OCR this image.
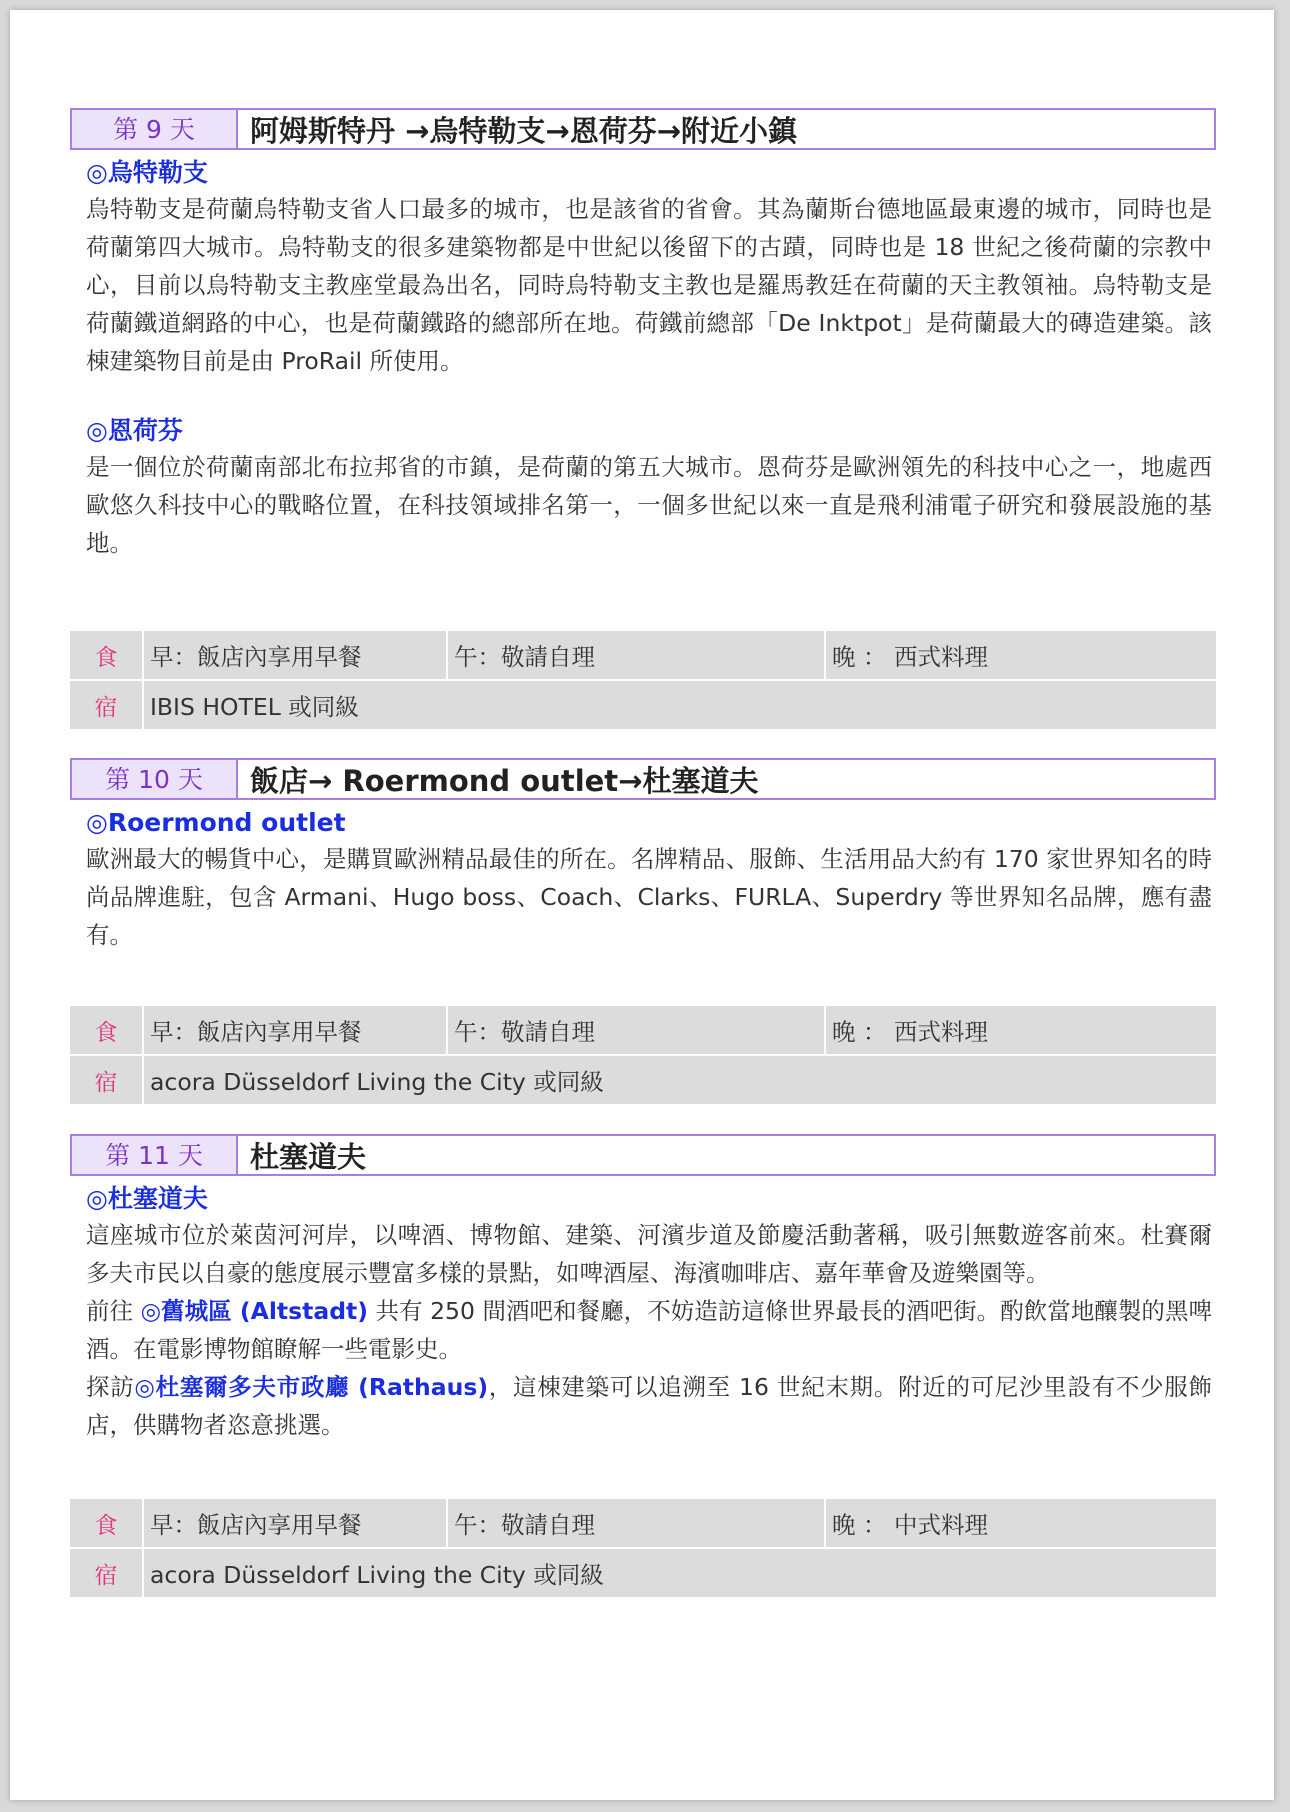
第 9 天	阿姆斯特丹 →烏特勒支→恩荷芬→附近小鎮
◎烏特勒支

烏特勒支是荷蘭烏特勒支省人口最多的城市，也是該省的省會。其為蘭斯台德地區最東邊的城市，同時也是荷蘭第四大城市。烏特勒支的很多建築物都是中世紀以後留下的古蹟，同時也是 18 世紀之後荷蘭的宗教中心，目前以烏特勒支主教座堂最為出名，同時烏特勒支主教也是羅馬教廷在荷蘭的天主教領袖。烏特勒支是荷蘭鐵道網路的中心，也是荷蘭鐵路的總部所在地。荷鐵前總部「De Inktpot」是荷蘭最大的磚造建築。該棟建築物目前是由 ProRail 所使用。

◎恩荷芬

是一個位於荷蘭南部北布拉邦省的市鎮，是荷蘭的第五大城市。恩荷芬是歐洲領先的科技中心之一，地處西歐悠久科技中心的戰略位置，在科技領域排名第一，一個多世紀以來一直是飛利浦電子研究和發展設施的基地。

食	早：飯店內享用早餐	午：敬請自理	晚 ： 西式料理
宿	IBIS HOTEL 或同級
第 10 天	飯店→ Roermond outlet→杜塞道夫
◎Roermond outlet

歐洲最大的暢貨中心，是購買歐洲精品最佳的所在。名牌精品、服飾、生活用品大約有 170 家世界知名的時尚品牌進駐，包含 Armani、Hugo boss、Coach、Clarks、FURLA、Superdry 等世界知名品牌，應有盡有。

食	早：飯店內享用早餐	午：敬請自理	晚 ： 西式料理
宿	acora Düsseldorf Living the City 或同級
第 11 天	杜塞道夫
◎杜塞道夫

這座城市位於萊茵河河岸，以啤酒、博物館、建築、河濱步道及節慶活動著稱，吸引無數遊客前來。杜賽爾多夫市民以自豪的態度展示豐富多樣的景點，如啤酒屋、海濱咖啡店、嘉年華會及遊樂園等。

前往 ◎舊城區 (Altstadt) 共有 250 間酒吧和餐廳，不妨造訪這條世界最長的酒吧街。酌飲當地釀製的黑啤酒。在電影博物館瞭解一些電影史。

探訪◎杜塞爾多夫市政廳 (Rathaus)，這棟建築可以追溯至 16 世紀末期。附近的可尼沙里設有不少服飾店，供購物者恣意挑選。

食	早：飯店內享用早餐	午：敬請自理	晚 ： 中式料理
宿	acora Düsseldorf Living the City 或同級
